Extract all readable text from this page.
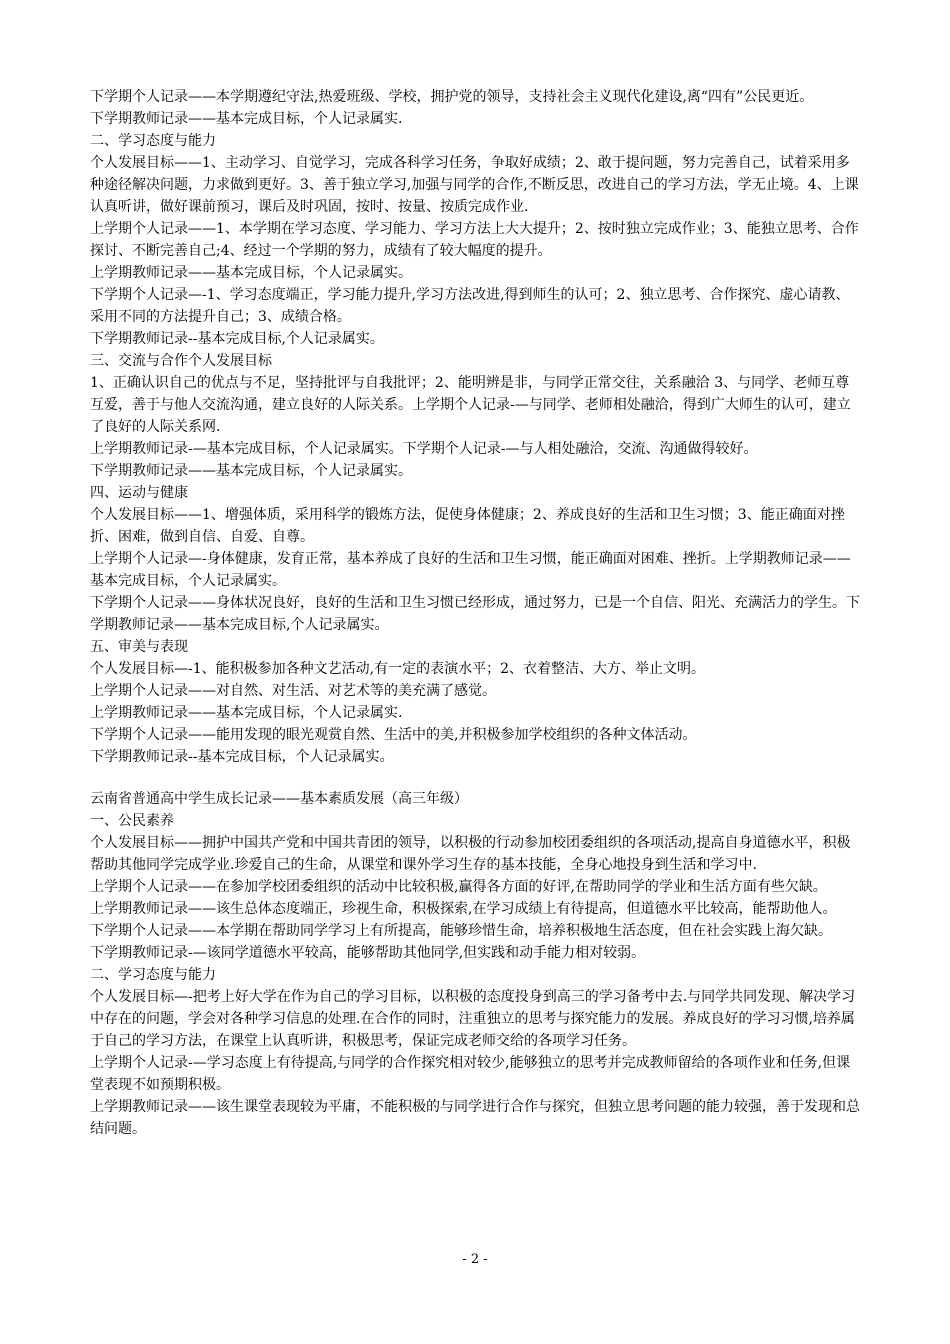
下学期个人记录——本学期遵纪守法,热爱班级、学校，拥护党的领导，支持社会主义现代化建设,离“四有”公民更近。
下学期教师记录——基本完成目标，个人记录属实.
二、学习态度与能力
个人发展目标——1、主动学习、自觉学习，完成各科学习任务，争取好成绩；2、敢于提问题，努力完善自己，试着采用多种途径解决问题，力求做到更好。3、善于独立学习,加强与同学的合作,不断反思，改进自己的学习方法，学无止境。4、上课认真听讲，做好课前预习，课后及时巩固，按时、按量、按质完成作业.
上学期个人记录——1、本学期在学习态度、学习能力、学习方法上大大提升；2、按时独立完成作业；3、能独立思考、合作探讨、不断完善自己;4、经过一个学期的努力，成绩有了较大幅度的提升。
上学期教师记录——基本完成目标，个人记录属实。
下学期个人记录—-1、学习态度端正，学习能力提升,学习方法改进,得到师生的认可；2、独立思考、合作探究、虚心请教、采用不同的方法提升自己；3、成绩合格。
下学期教师记录--基本完成目标,个人记录属实。
三、交流与合作个人发展目标
1、正确认识自己的优点与不足，坚持批评与自我批评；2、能明辨是非，与同学正常交往，关系融洽 3、与同学、老师互尊互爱，善于与他人交流沟通，建立良好的人际关系。上学期个人记录-—与同学、老师相处融洽，得到广大师生的认可，建立了良好的人际关系网.
上学期教师记录-—基本完成目标，个人记录属实。下学期个人记录-—与人相处融洽，交流、沟通做得较好。
下学期教师记录——基本完成目标，个人记录属实。
四、运动与健康
个人发展目标——1、增强体质，采用科学的锻炼方法，促使身体健康；2、养成良好的生活和卫生习惯；3、能正确面对挫折、困难，做到自信、自爱、自尊。
上学期个人记录—-身体健康，发育正常，基本养成了良好的生活和卫生习惯，能正确面对困难、挫折。上学期教师记录——基本完成目标，个人记录属实。
下学期个人记录——身体状况良好，良好的生活和卫生习惯已经形成，通过努力，已是一个自信、阳光、充满活力的学生。下学期教师记录——基本完成目标,个人记录属实。
五、审美与表现
个人发展目标—-1、能积极参加各种文艺活动,有一定的表演水平；2、衣着整洁、大方、举止文明。
上学期个人记录——对自然、对生活、对艺术等的美充满了感觉。
上学期教师记录——基本完成目标，个人记录属实.
下学期个人记录——能用发现的眼光观赏自然、生活中的美,并积极参加学校组织的各种文体活动。
下学期教师记录--基本完成目标，个人记录属实。
云南省普通高中学生成长记录——基本素质发展（高三年级）
一、公民素养
个人发展目标——拥护中国共产党和中国共青团的领导，以积极的行动参加校团委组织的各项活动,提高自身道德水平，积极帮助其他同学完成学业.珍爱自己的生命，从课堂和课外学习生存的基本技能，全身心地投身到生活和学习中.
上学期个人记录——在参加学校团委组织的活动中比较积极,赢得各方面的好评,在帮助同学的学业和生活方面有些欠缺。
上学期教师记录——该生总体态度端正，珍视生命，积极探索,在学习成绩上有待提高，但道德水平比较高，能帮助他人。
下学期个人记录——本学期在帮助同学学习上有所提高，能够珍惜生命，培养积极地生活态度，但在社会实践上海欠缺。
下学期教师记录-—该同学道德水平较高，能够帮助其他同学,但实践和动手能力相对较弱。
二、学习态度与能力
个人发展目标—-把考上好大学在作为自己的学习目标，以积极的态度投身到高三的学习备考中去.与同学共同发现、解决学习中存在的问题，学会对各种学习信息的处理.在合作的同时，注重独立的思考与探究能力的发展。养成良好的学习习惯,培养属于自己的学习方法，在课堂上认真听讲，积极思考，保证完成老师交给的各项学习任务。
上学期个人记录-—学习态度上有待提高,与同学的合作探究相对较少,能够独立的思考并完成教师留给的各项作业和任务,但课堂表现不如预期积极。
上学期教师记录——该生课堂表现较为平庸，不能积极的与同学进行合作与探究，但独立思考问题的能力较强，善于发现和总结问题。
- 2 -
